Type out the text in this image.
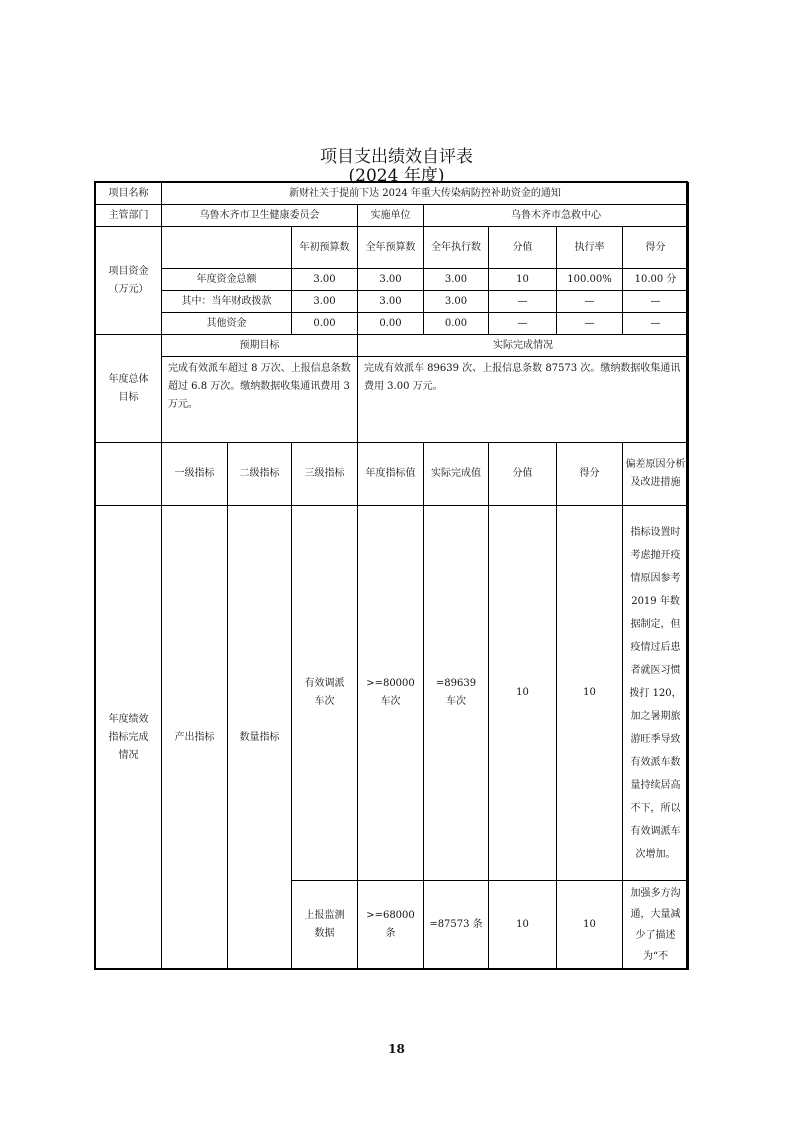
项目支出绩效自评表
(2024 年度)
项目名称	新财社关于提前下达 2024 年重大传染病防控补助资金的通知							
主管部门	乌鲁木齐市卫生健康委员会			实施单位	乌鲁木齐市急救中心			
项目资金（万元）			年初预算数	全年预算数	全年执行数	分值	执行率	得分
	年度资金总额		3.00	3.00	3.00	10	100.00%	10.00 分
	其中：当年财政拨款		3.00	3.00	3.00	—	—	—
	其他资金		0.00	0.00	0.00	—	—	—
年度总体目标	预期目标			实际完成情况				
	完成有效派车超过 8 万次、上报信息条数超过 6.8 万次。缴纳数据收集通讯费用 3 万元。			完成有效派车 89639 次、上报信息条数 87573 次。缴纳数据收集通讯费用 3.00 万元。				
	一级指标	二级指标	三级指标	年度指标值	实际完成值	分值	得分	偏差原因分析及改进措施
年度绩效指标完成情况	产出指标	数量指标	有效调派车次	>=80000 车次	=89639 车次	10	10	指标设置时考虑抛开疫情原因参考 2019 年数据制定，但疫情过后患者就医习惯拨打 120，加之暑期旅游旺季导致有效派车数量持续居高不下，所以有效调派车次增加。
			上报监测数据	>=68000 条	=87573 条	10	10	加强多方沟通，大量减少了描述为“不
18
